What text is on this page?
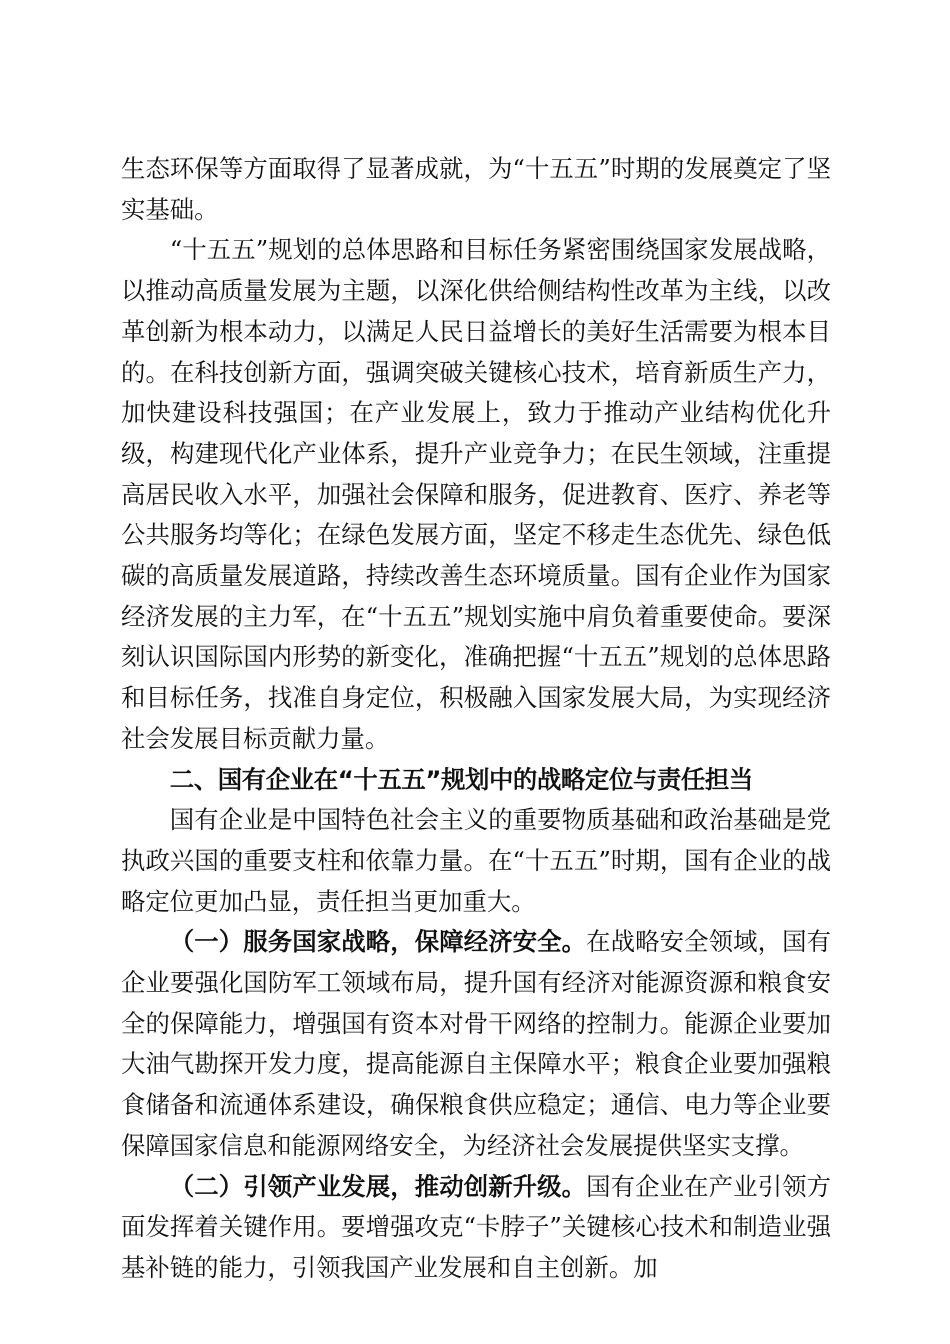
生态环保等方面取得了显著成就，为“十五五”时期的发展奠定了坚实基础。

“十五五”规划的总体思路和目标任务紧密围绕国家发展战略，以推动高质量发展为主题，以深化供给侧结构性改革为主线，以改革创新为根本动力，以满足人民日益增长的美好生活需要为根本目的。在科技创新方面，强调突破关键核心技术，培育新质生产力，加快建设科技强国；在产业发展上，致力于推动产业结构优化升级，构建现代化产业体系，提升产业竞争力；在民生领域，注重提高居民收入水平，加强社会保障和服务，促进教育、医疗、养老等公共服务均等化；在绿色发展方面，坚定不移走生态优先、绿色低碳的高质量发展道路，持续改善生态环境质量。国有企业作为国家经济发展的主力军，在“十五五”规划实施中肩负着重要使命。要深刻认识国际国内形势的新变化，准确把握“十五五”规划的总体思路和目标任务，找准自身定位，积极融入国家发展大局，为实现经济社会发展目标贡献力量。

二、国有企业在“十五五”规划中的战略定位与责任担当

国有企业是中国特色社会主义的重要物质基础和政治基础是党执政兴国的重要支柱和依靠力量。在“十五五”时期，国有企业的战略定位更加凸显，责任担当更加重大。

（一）服务国家战略，保障经济安全。在战略安全领域，国有企业要强化国防军工领域布局，提升国有经济对能源资源和粮食安全的保障能力，增强国有资本对骨干网络的控制力。能源企业要加大油气勘探开发力度，提高能源自主保障水平；粮食企业要加强粮食储备和流通体系建设，确保粮食供应稳定；通信、电力等企业要保障国家信息和能源网络安全，为经济社会发展提供坚实支撑。

（二）引领产业发展，推动创新升级。国有企业在产业引领方面发挥着关键作用。要增强攻克“卡脖子”关键核心技术和制造业强基补链的能力，引领我国产业发展和自主创新。加
